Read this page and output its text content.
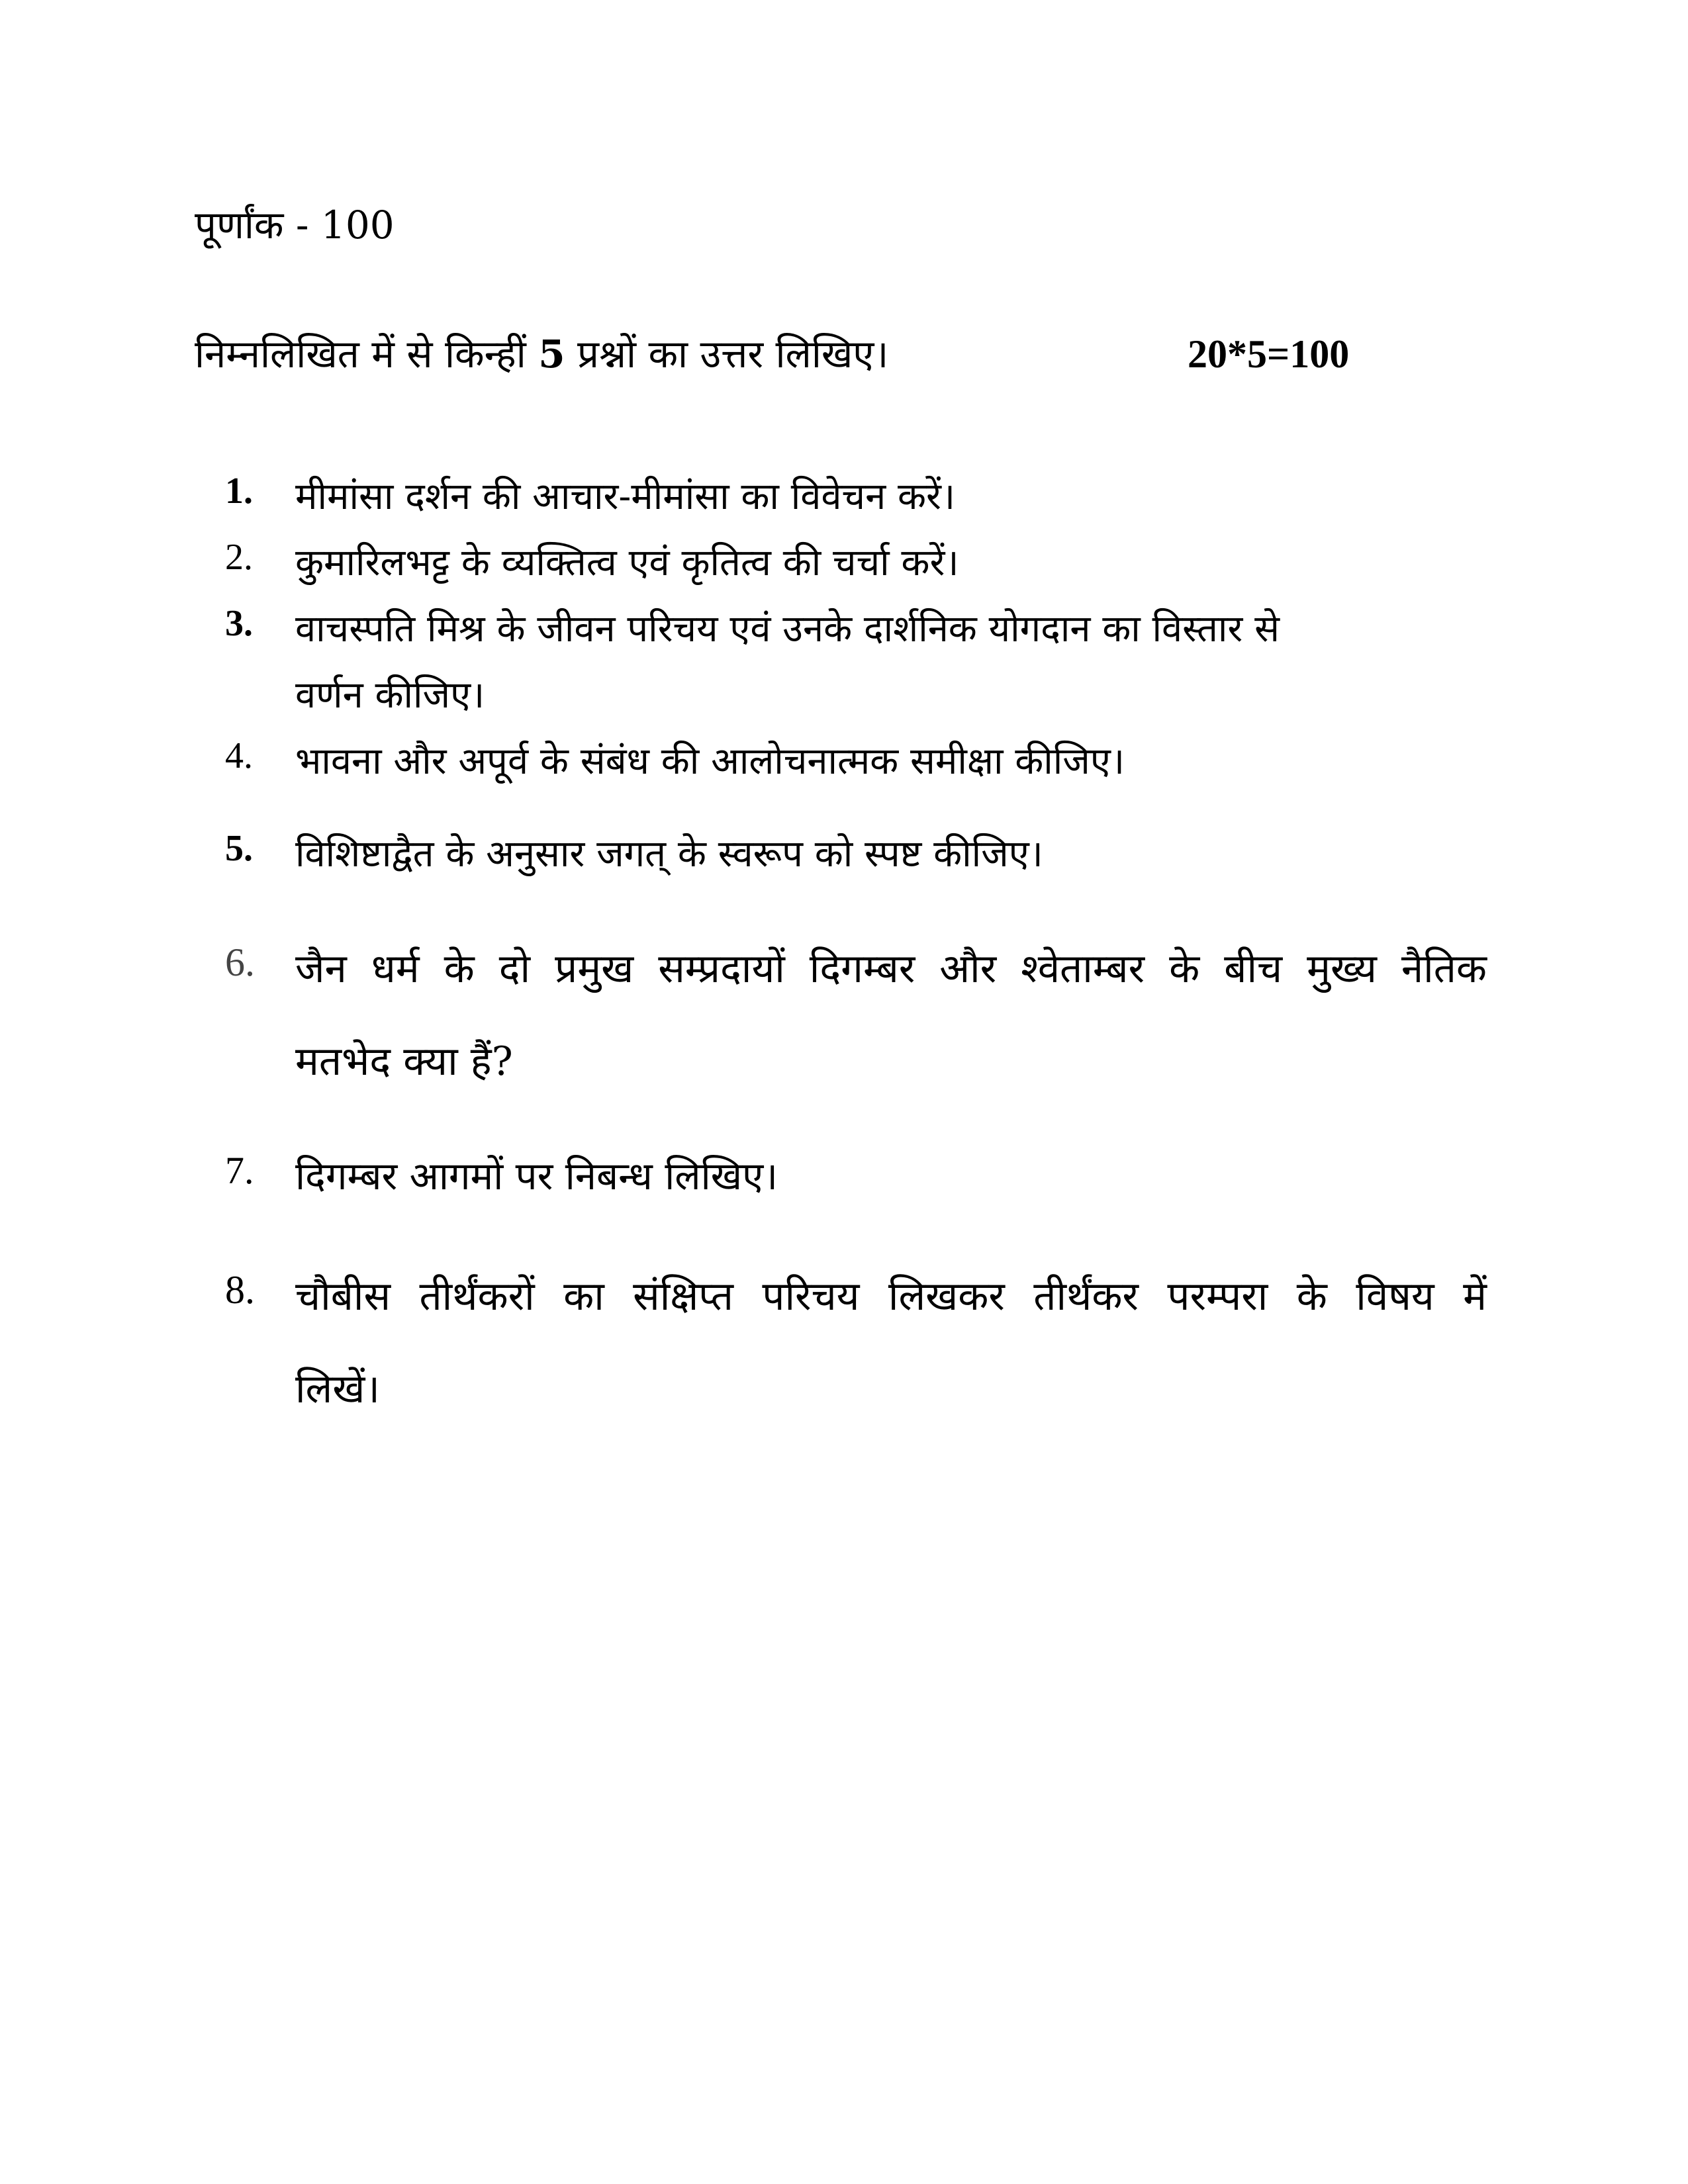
पूर्णांक - 100
निम्नलिखित में से किन्हीं 5 प्रश्नों का उत्तर लिखिए।	20*5=100
1. मीमांसा दर्शन की आचार-मीमांसा का विवेचन करें।
2. कुमारिलभट्ट के व्यक्तित्व एवं कृतित्व की चर्चा करें।
3. वाचस्पति मिश्र के जीवन परिचय एवं उनके दार्शनिक योगदान का विस्तार से
वर्णन कीजिए।
4. भावना और अपूर्व के संबंध की आलोचनात्मक समीक्षा कीजिए।
5. विशिष्टाद्वैत के अनुसार जगत् के स्वरूप को स्पष्ट कीजिए।
6. जैन धर्म के दो प्रमुख सम्प्रदायों दिगम्बर और श्वेताम्बर के बीच मुख्य नैतिक
मतभेद क्या हैं?
7. दिगम्बर आगमों पर निबन्ध लिखिए।
8. चौबीस तीर्थंकरों का संक्षिप्त परिचय लिखकर तीर्थंकर परम्परा के विषय में
लिखें।
